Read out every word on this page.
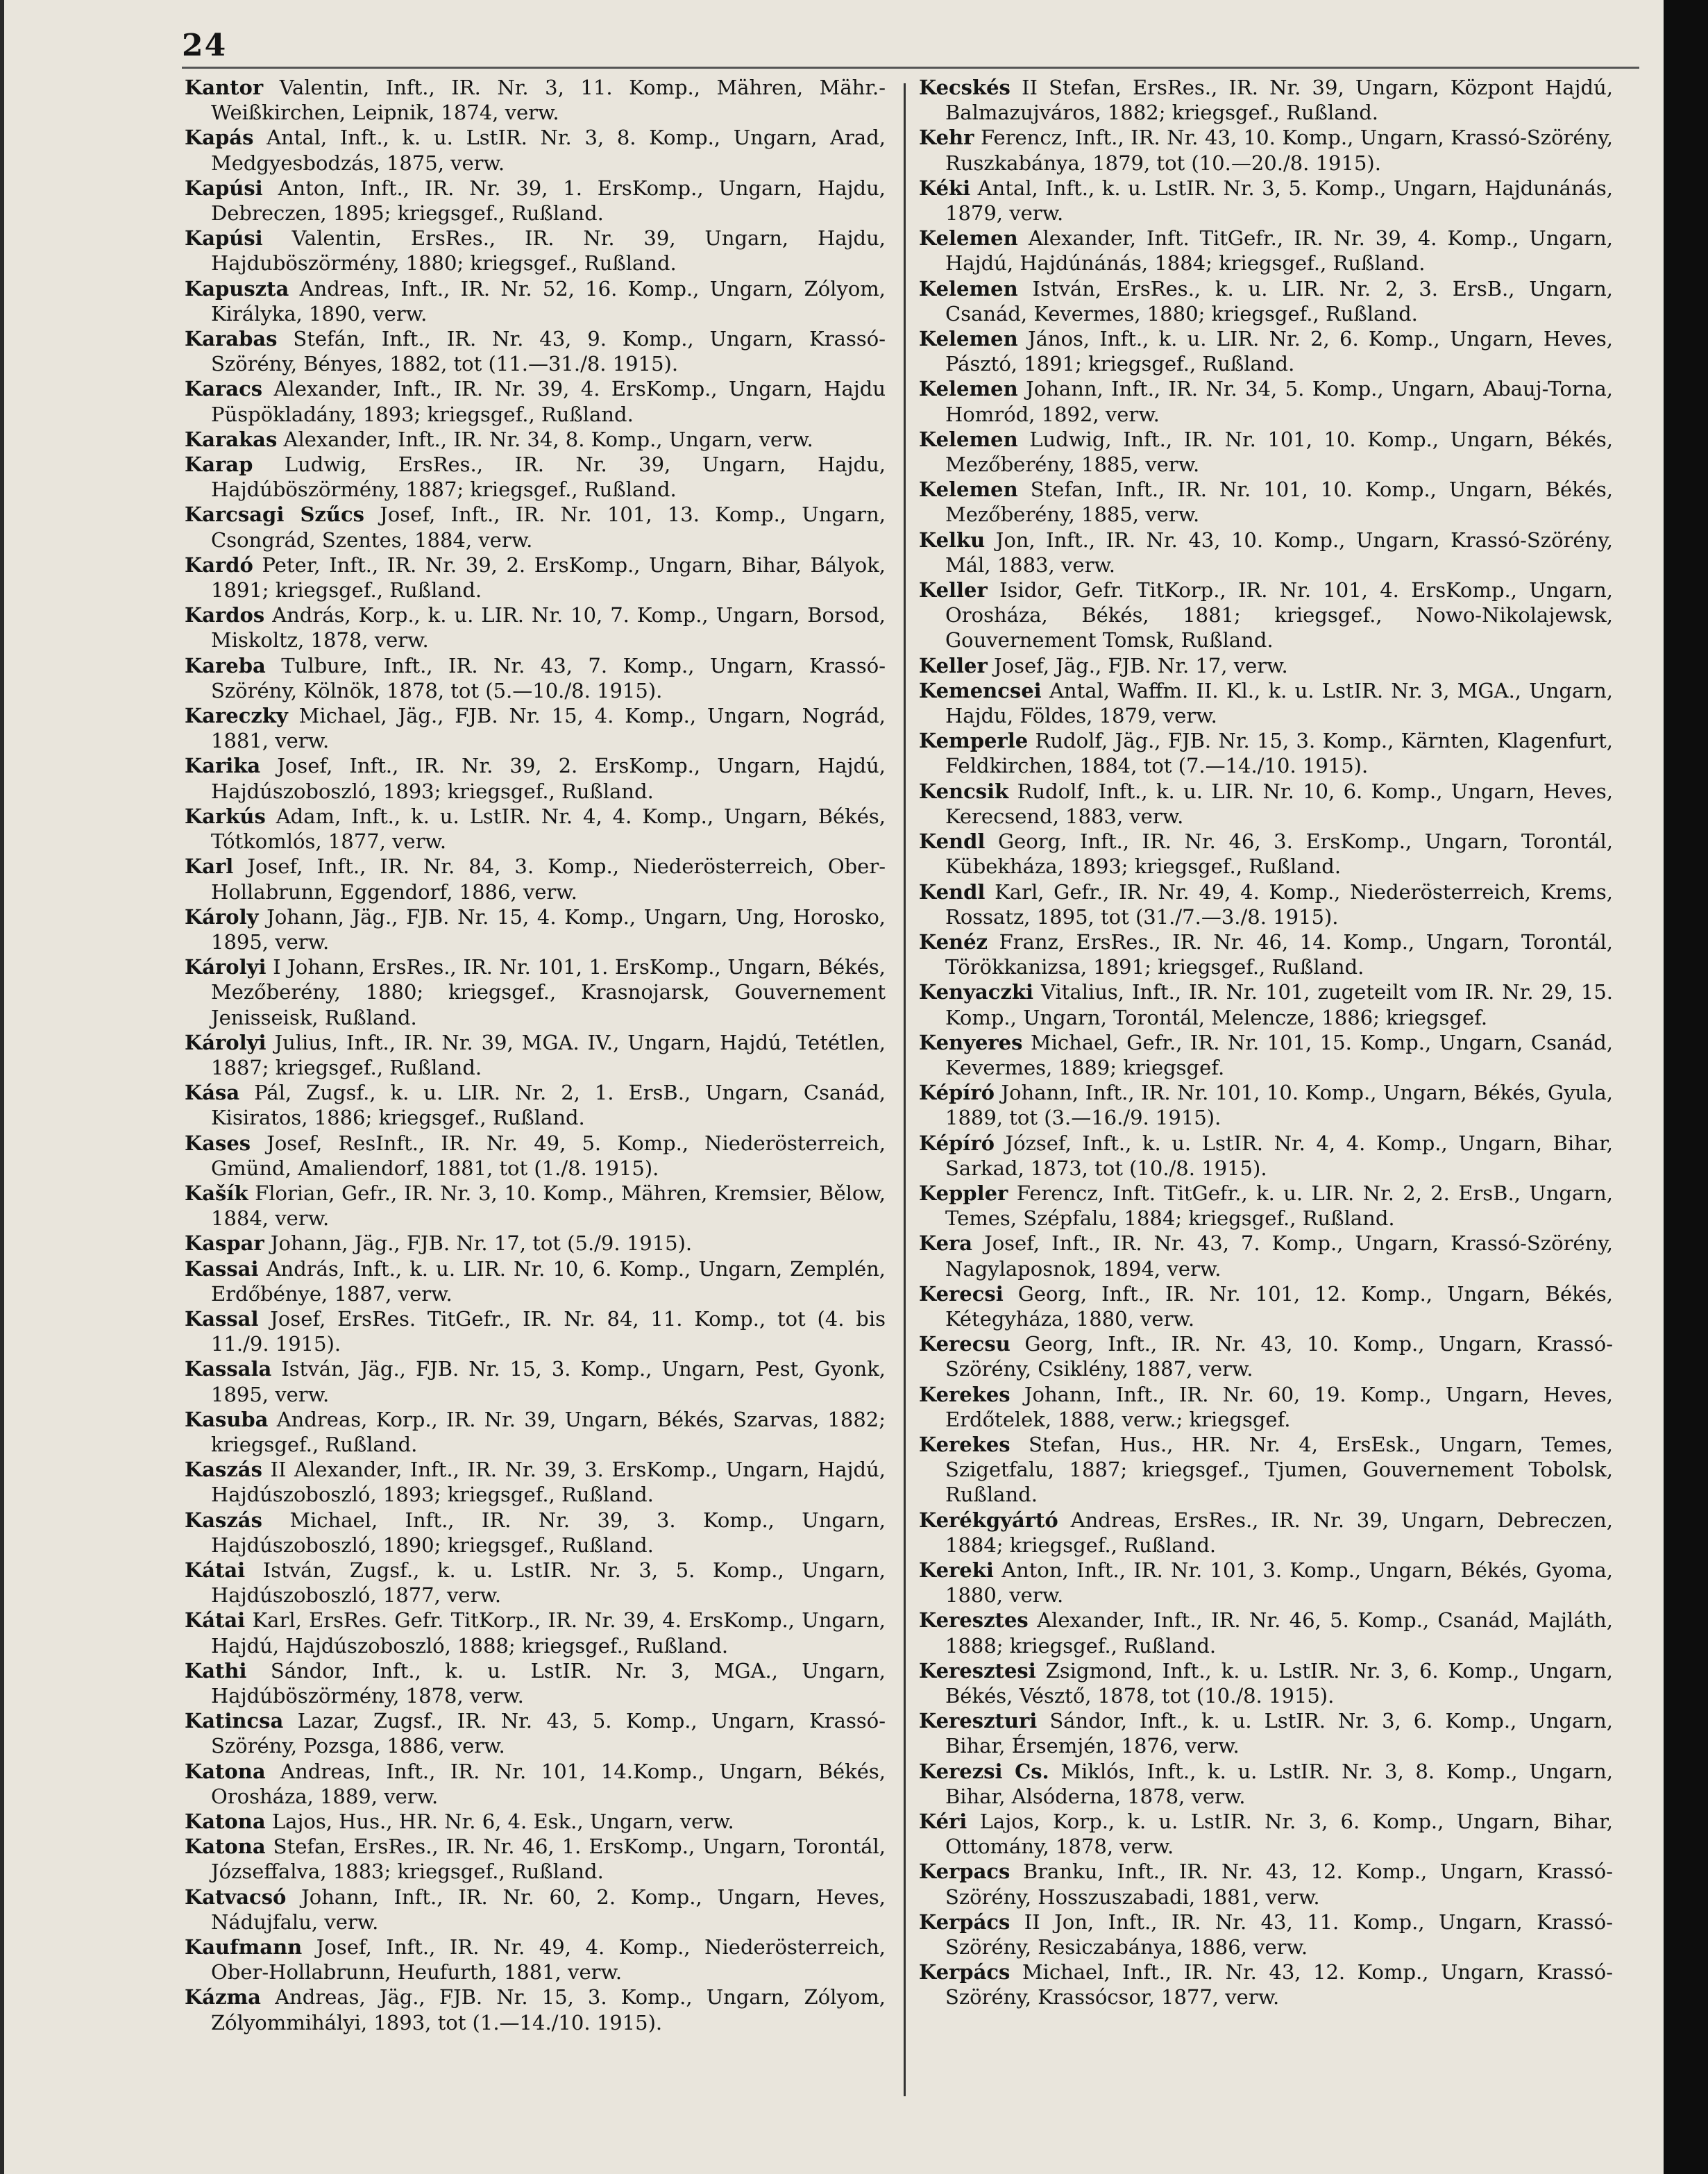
24
Kantor Valentin, Inft., IR. Nr. 3, 11. Komp., Mähren, Mähr.-Weißkirchen, Leipnik, 1874, verw.
Kapás Antal, Inft., k. u. LstIR. Nr. 3, 8. Komp., Ungarn, Arad, Medgyesbodzás, 1875, verw.
Kapúsi Anton, Inft., IR. Nr. 39, 1. ErsKomp., Ungarn, Hajdu, Debreczen, 1895; kriegsgef., Rußland.
Kapúsi Valentin, ErsRes., IR. Nr. 39, Ungarn, Hajdu, Hajduböszörmény, 1880; kriegsgef., Rußland.
Kapuszta Andreas, Inft., IR. Nr. 52, 16. Komp., Ungarn, Zólyom, Királyka, 1890, verw.
Karabas Stefán, Inft., IR. Nr. 43, 9. Komp., Ungarn, Krassó-Szörény, Bényes, 1882, tot (11.—31./8. 1915).
Karacs Alexander, Inft., IR. Nr. 39, 4. ErsKomp., Ungarn, Hajdu Püspökladány, 1893; kriegsgef., Rußland.
Karakas Alexander, Inft., IR. Nr. 34, 8. Komp., Ungarn, verw.
Karap Ludwig, ErsRes., IR. Nr. 39, Ungarn, Hajdu, Hajdúböszörmény, 1887; kriegsgef., Rußland.
Karcsagi Szűcs Josef, Inft., IR. Nr. 101, 13. Komp., Ungarn, Csongrád, Szentes, 1884, verw.
Kardó Peter, Inft., IR. Nr. 39, 2. ErsKomp., Ungarn, Bihar, Bályok, 1891; kriegsgef., Rußland.
Kardos András, Korp., k. u. LIR. Nr. 10, 7. Komp., Ungarn, Borsod, Miskoltz, 1878, verw.
Kareba Tulbure, Inft., IR. Nr. 43, 7. Komp., Ungarn, Krassó-Szörény, Kölnök, 1878, tot (5.—10./8. 1915).
Kareczky Michael, Jäg., FJB. Nr. 15, 4. Komp., Ungarn, Nográd, 1881, verw.
Karika Josef, Inft., IR. Nr. 39, 2. ErsKomp., Ungarn, Hajdú, Hajdúszoboszló, 1893; kriegsgef., Rußland.
Karkús Adam, Inft., k. u. LstIR. Nr. 4, 4. Komp., Ungarn, Békés, Tótkomlós, 1877, verw.
Karl Josef, Inft., IR. Nr. 84, 3. Komp., Niederösterreich, Ober-Hollabrunn, Eggendorf, 1886, verw.
Károly Johann, Jäg., FJB. Nr. 15, 4. Komp., Ungarn, Ung, Horosko, 1895, verw.
Károlyi I Johann, ErsRes., IR. Nr. 101, 1. ErsKomp., Ungarn, Békés, Mezőberény, 1880; kriegsgef., Krasnojarsk, Gouvernement Jenisseisk, Rußland.
Károlyi Julius, Inft., IR. Nr. 39, MGA. IV., Ungarn, Hajdú, Tetétlen, 1887; kriegsgef., Rußland.
Kása Pál, Zugsf., k. u. LIR. Nr. 2, 1. ErsB., Ungarn, Csanád, Kisiratos, 1886; kriegsgef., Rußland.
Kases Josef, ResInft., IR. Nr. 49, 5. Komp., Niederösterreich, Gmünd, Amaliendorf, 1881, tot (1./8. 1915).
Kašík Florian, Gefr., IR. Nr. 3, 10. Komp., Mähren, Kremsier, Bělow, 1884, verw.
Kaspar Johann, Jäg., FJB. Nr. 17, tot (5./9. 1915).
Kassai András, Inft., k. u. LIR. Nr. 10, 6. Komp., Ungarn, Zemplén, Erdőbénye, 1887, verw.
Kassal Josef, ErsRes. TitGefr., IR. Nr. 84, 11. Komp., tot (4. bis 11./9. 1915).
Kassala István, Jäg., FJB. Nr. 15, 3. Komp., Ungarn, Pest, Gyonk, 1895, verw.
Kasuba Andreas, Korp., IR. Nr. 39, Ungarn, Békés, Szarvas, 1882; kriegsgef., Rußland.
Kaszás II Alexander, Inft., IR. Nr. 39, 3. ErsKomp., Ungarn, Hajdú, Hajdúszoboszló, 1893; kriegsgef., Rußland.
Kaszás Michael, Inft., IR. Nr. 39, 3. Komp., Ungarn, Hajdúszoboszló, 1890; kriegsgef., Rußland.
Kátai István, Zugsf., k. u. LstIR. Nr. 3, 5. Komp., Ungarn, Hajdúszoboszló, 1877, verw.
Kátai Karl, ErsRes. Gefr. TitKorp., IR. Nr. 39, 4. ErsKomp., Ungarn, Hajdú, Hajdúszoboszló, 1888; kriegsgef., Rußland.
Kathi Sándor, Inft., k. u. LstIR. Nr. 3, MGA., Ungarn, Hajdúböszörmény, 1878, verw.
Katincsa Lazar, Zugsf., IR. Nr. 43, 5. Komp., Ungarn, Krassó-Szörény, Pozsga, 1886, verw.
Katona Andreas, Inft., IR. Nr. 101, 14.Komp., Ungarn, Békés, Orosháza, 1889, verw.
Katona Lajos, Hus., HR. Nr. 6, 4. Esk., Ungarn, verw.
Katona Stefan, ErsRes., IR. Nr. 46, 1. ErsKomp., Ungarn, Torontál, Józseffalva, 1883; kriegsgef., Rußland.
Katvacsó Johann, Inft., IR. Nr. 60, 2. Komp., Ungarn, Heves, Nádujfalu, verw.
Kaufmann Josef, Inft., IR. Nr. 49, 4. Komp., Niederösterreich, Ober-Hollabrunn, Heufurth, 1881, verw.
Kázma Andreas, Jäg., FJB. Nr. 15, 3. Komp., Ungarn, Zólyom, Zólyommihályi, 1893, tot (1.—14./10. 1915).
Kecskés II Stefan, ErsRes., IR. Nr. 39, Ungarn, Központ Hajdú, Balmazujváros, 1882; kriegsgef., Rußland.
Kehr Ferencz, Inft., IR. Nr. 43, 10. Komp., Ungarn, Krassó-Szörény, Ruszkabánya, 1879, tot (10.—20./8. 1915).
Kéki Antal, Inft., k. u. LstIR. Nr. 3, 5. Komp., Ungarn, Hajdunánás, 1879, verw.
Kelemen Alexander, Inft. TitGefr., IR. Nr. 39, 4. Komp., Ungarn, Hajdú, Hajdúnánás, 1884; kriegsgef., Rußland.
Kelemen István, ErsRes., k. u. LIR. Nr. 2, 3. ErsB., Ungarn, Csanád, Kevermes, 1880; kriegsgef., Rußland.
Kelemen János, Inft., k. u. LIR. Nr. 2, 6. Komp., Ungarn, Heves, Pásztó, 1891; kriegsgef., Rußland.
Kelemen Johann, Inft., IR. Nr. 34, 5. Komp., Ungarn, Abauj-Torna, Homród, 1892, verw.
Kelemen Ludwig, Inft., IR. Nr. 101, 10. Komp., Ungarn, Békés, Mezőberény, 1885, verw.
Kelemen Stefan, Inft., IR. Nr. 101, 10. Komp., Ungarn, Békés, Mezőberény, 1885, verw.
Kelku Jon, Inft., IR. Nr. 43, 10. Komp., Ungarn, Krassó-Szörény, Mál, 1883, verw.
Keller Isidor, Gefr. TitKorp., IR. Nr. 101, 4. ErsKomp., Ungarn, Orosháza, Békés, 1881; kriegsgef., Nowo-Nikolajewsk, Gouvernement Tomsk, Rußland.
Keller Josef, Jäg., FJB. Nr. 17, verw.
Kemencsei Antal, Waffm. II. Kl., k. u. LstIR. Nr. 3, MGA., Ungarn, Hajdu, Földes, 1879, verw.
Kemperle Rudolf, Jäg., FJB. Nr. 15, 3. Komp., Kärnten, Klagenfurt, Feldkirchen, 1884, tot (7.—14./10. 1915).
Kencsik Rudolf, Inft., k. u. LIR. Nr. 10, 6. Komp., Ungarn, Heves, Kerecsend, 1883, verw.
Kendl Georg, Inft., IR. Nr. 46, 3. ErsKomp., Ungarn, Torontál, Kübekháza, 1893; kriegsgef., Rußland.
Kendl Karl, Gefr., IR. Nr. 49, 4. Komp., Niederösterreich, Krems, Rossatz, 1895, tot (31./7.—3./8. 1915).
Kenéz Franz, ErsRes., IR. Nr. 46, 14. Komp., Ungarn, Torontál, Törökkanizsa, 1891; kriegsgef., Rußland.
Kenyaczki Vitalius, Inft., IR. Nr. 101, zugeteilt vom IR. Nr. 29, 15. Komp., Ungarn, Torontál, Melencze, 1886; kriegsgef.
Kenyeres Michael, Gefr., IR. Nr. 101, 15. Komp., Ungarn, Csanád, Kevermes, 1889; kriegsgef.
Képíró Johann, Inft., IR. Nr. 101, 10. Komp., Ungarn, Békés, Gyula, 1889, tot (3.—16./9. 1915).
Képíró József, Inft., k. u. LstIR. Nr. 4, 4. Komp., Ungarn, Bihar, Sarkad, 1873, tot (10./8. 1915).
Keppler Ferencz, Inft. TitGefr., k. u. LIR. Nr. 2, 2. ErsB., Ungarn, Temes, Szépfalu, 1884; kriegsgef., Rußland.
Kera Josef, Inft., IR. Nr. 43, 7. Komp., Ungarn, Krassó-Szörény, Nagylaposnok, 1894, verw.
Kerecsi Georg, Inft., IR. Nr. 101, 12. Komp., Ungarn, Békés, Kétegyháza, 1880, verw.
Kerecsu Georg, Inft., IR. Nr. 43, 10. Komp., Ungarn, Krassó-Szörény, Csiklény, 1887, verw.
Kerekes Johann, Inft., IR. Nr. 60, 19. Komp., Ungarn, Heves, Erdőtelek, 1888, verw.; kriegsgef.
Kerekes Stefan, Hus., HR. Nr. 4, ErsEsk., Ungarn, Temes, Szigetfalu, 1887; kriegsgef., Tjumen, Gouvernement Tobolsk, Rußland.
Kerékgyártó Andreas, ErsRes., IR. Nr. 39, Ungarn, Debreczen, 1884; kriegsgef., Rußland.
Kereki Anton, Inft., IR. Nr. 101, 3. Komp., Ungarn, Békés, Gyoma, 1880, verw.
Keresztes Alexander, Inft., IR. Nr. 46, 5. Komp., Csanád, Majláth, 1888; kriegsgef., Rußland.
Keresztesi Zsigmond, Inft., k. u. LstIR. Nr. 3, 6. Komp., Ungarn, Békés, Vésztő, 1878, tot (10./8. 1915).
Kereszturi Sándor, Inft., k. u. LstIR. Nr. 3, 6. Komp., Ungarn, Bihar, Érsemjén, 1876, verw.
Kerezsi Cs. Miklós, Inft., k. u. LstIR. Nr. 3, 8. Komp., Ungarn, Bihar, Alsóderna, 1878, verw.
Kéri Lajos, Korp., k. u. LstIR. Nr. 3, 6. Komp., Ungarn, Bihar, Ottomány, 1878, verw.
Kerpacs Branku, Inft., IR. Nr. 43, 12. Komp., Ungarn, Krassó-Szörény, Hosszuszabadi, 1881, verw.
Kerpács II Jon, Inft., IR. Nr. 43, 11. Komp., Ungarn, Krassó-Szörény, Resiczabánya, 1886, verw.
Kerpács Michael, Inft., IR. Nr. 43, 12. Komp., Ungarn, Krassó-Szörény, Krassócsor, 1877, verw.
